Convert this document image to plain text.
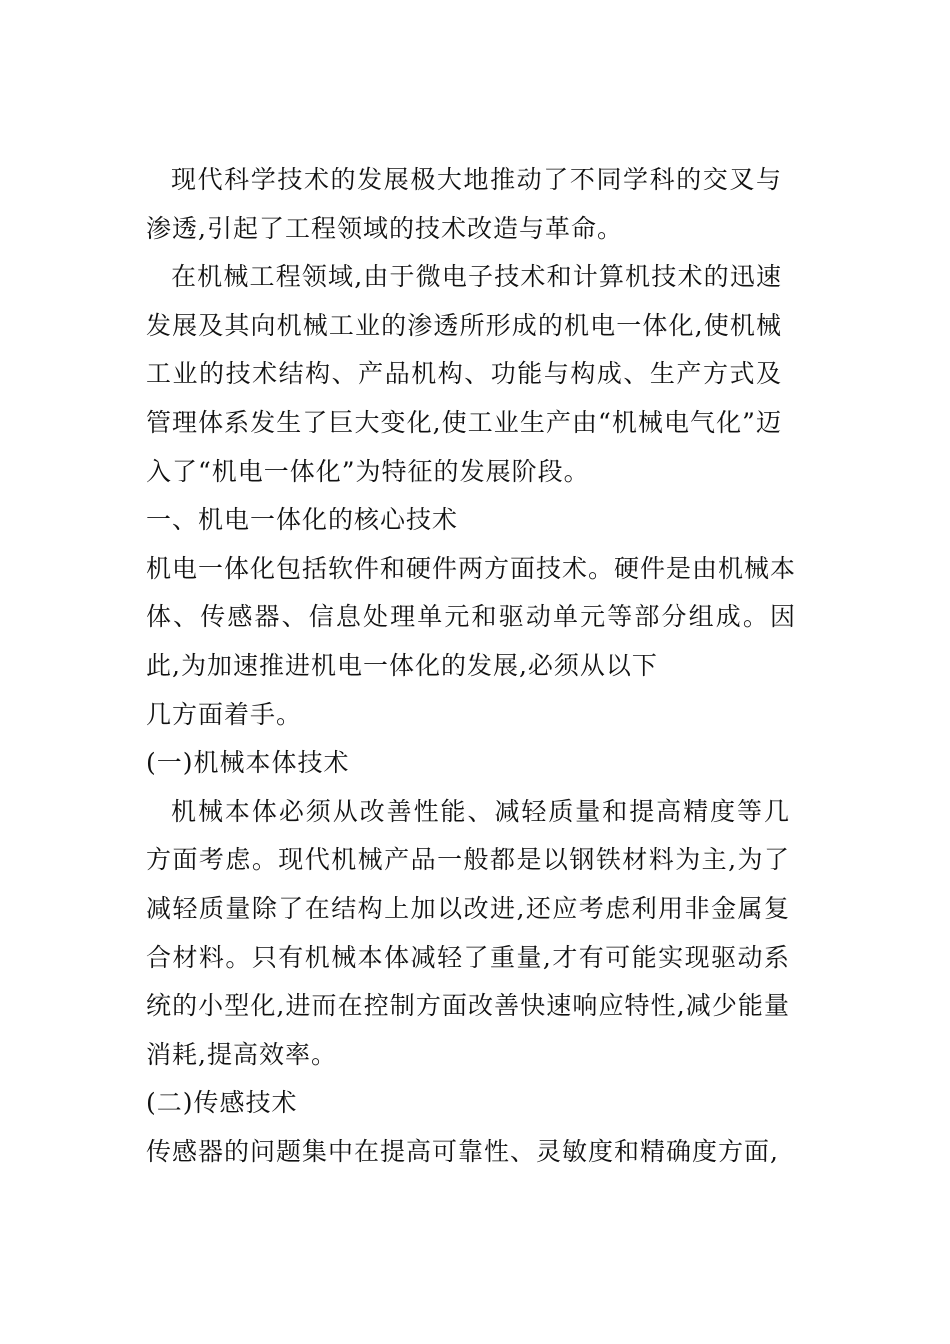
现代科学技术的发展极大地推动了不同学科的交叉与渗透,引起了工程领域的技术改造与革命。

在机械工程领域,由于微电子技术和计算机技术的迅速发展及其向机械工业的渗透所形成的机电一体化,使机械工业的技术结构、产品机构、功能与构成、生产方式及管理体系发生了巨大变化,使工业生产由“机械电气化”迈入了“机电一体化”为特征的发展阶段。

一、机电一体化的核心技术

机电一体化包括软件和硬件两方面技术。硬件是由机械本体、传感器、信息处理单元和驱动单元等部分组成。因此,为加速推进机电一体化的发展,必须从以下

几方面着手。

(一)机械本体技术

机械本体必须从改善性能、减轻质量和提高精度等几方面考虑。现代机械产品一般都是以钢铁材料为主,为了减轻质量除了在结构上加以改进,还应考虑利用非金属复合材料。只有机械本体减轻了重量,才有可能实现驱动系统的小型化,进而在控制方面改善快速响应特性,减少能量消耗,提高效率。

(二)传感技术

传感器的问题集中在提高可靠性、灵敏度和精确度方面,
